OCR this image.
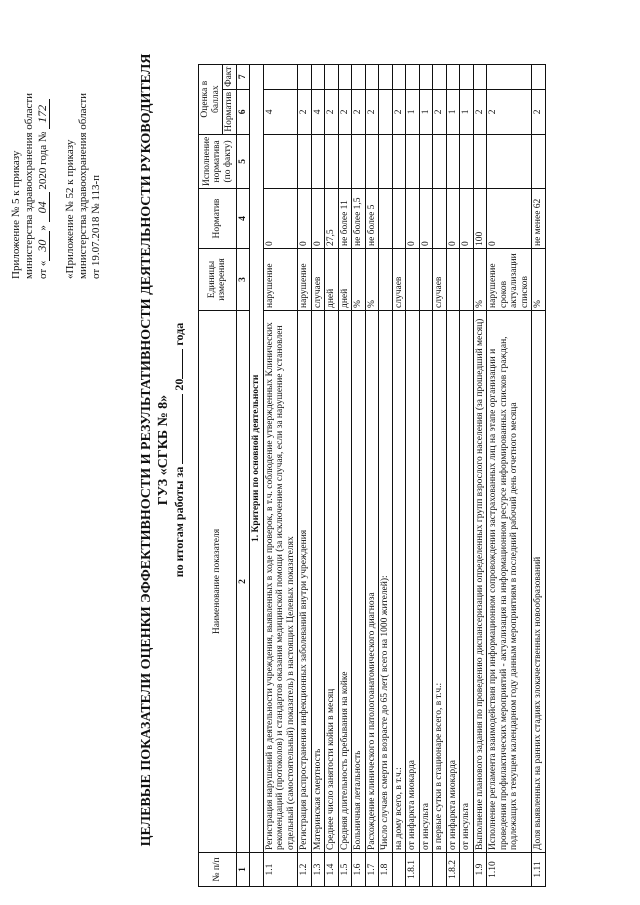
Приложение № 5 к приказу министерства здравоохранения области от «30» 04 2020 года № 172
«Приложение № 52 к приказу министерства здравоохранения области от 19.07.2018 № 113-п	ЦЕЛЕВЫЕ ПОКАЗАТЕЛИ ОЦЕНКИ ЭФФЕКТИВНОСТИ И РЕЗУЛЬТАТИВНОСТИ ДЕЯТЕЛЬНОСТИ РУКОВОДИТЕЛЯ ГУЗ «СГКБ № 8»
по итогам работы за  20 года
№ п/п	Наименование показателя	Единицы измерения	Норматив	Исполнение норматива (по факту)	Оценка в баллах	
					Норматив	Факт
1	2	3	4	5	6	7
	1. Критерии по основной деятельности					
1.1	Регистрация нарушений в деятельности учреждения, выявленных в ходе проверок, в т.ч. соблюдение утвержденных Клинических рекомендаций (протоколов) и стандартов оказания медицинской помощи (за исключением случая, если за нарушение установлен отдельный (самостоятельный) показатель) в настоящих Целевых показателях	нарушение	0		4	
1.2	Регистрация распространения инфекционных заболеваний внутри учреждения	нарушение	0		2	
1.3	Материнская смертность	случаев	0		4	
1.4	Среднее число занятости койки в месяц	дней	27,5		2	
1.5	Средняя длительность пребывания на койке	дней	не более 11		2	
1.6	Больничная летальность	%	не более 1,5		2	
1.7	Расхождение клинического и патологоанатомического диагноза	%	не более 5		2	
1.8	Число случаев смерти в возрасте до 65 лет( всего на 1000 жителей):					
	на дому всего, в т.ч.:	случаев			2	
1.8.1	от инфаркта миокарда		0		1	
	от инсульта		0		1	
	в первые сутки в стационаре всего, в т.ч.:	случаев			2	
1.8.2	от инфаркта миокарда		0		1	
	от инсульта		0		1	
1.9	Выполнение планового задания по проведению диспансеризации определенных групп взрослого населения (за прошедший месяц)	%	100		2	
1.10	Исполнение регламента взаимодействия при информационном сопровождении застрахованных лиц на этапе организации и проведения профилактических мероприятий - актуализация на информационном ресурсе информированных списков граждан, подлежащих в текущем календарном году данным мероприятиям в последний рабочий день отчетного месяца	нарушение сроков актуализации списков	0		2	
1.11	Доля выявленных на ранних стадиях злокачественных новообразований	%	не менее 62		2	
